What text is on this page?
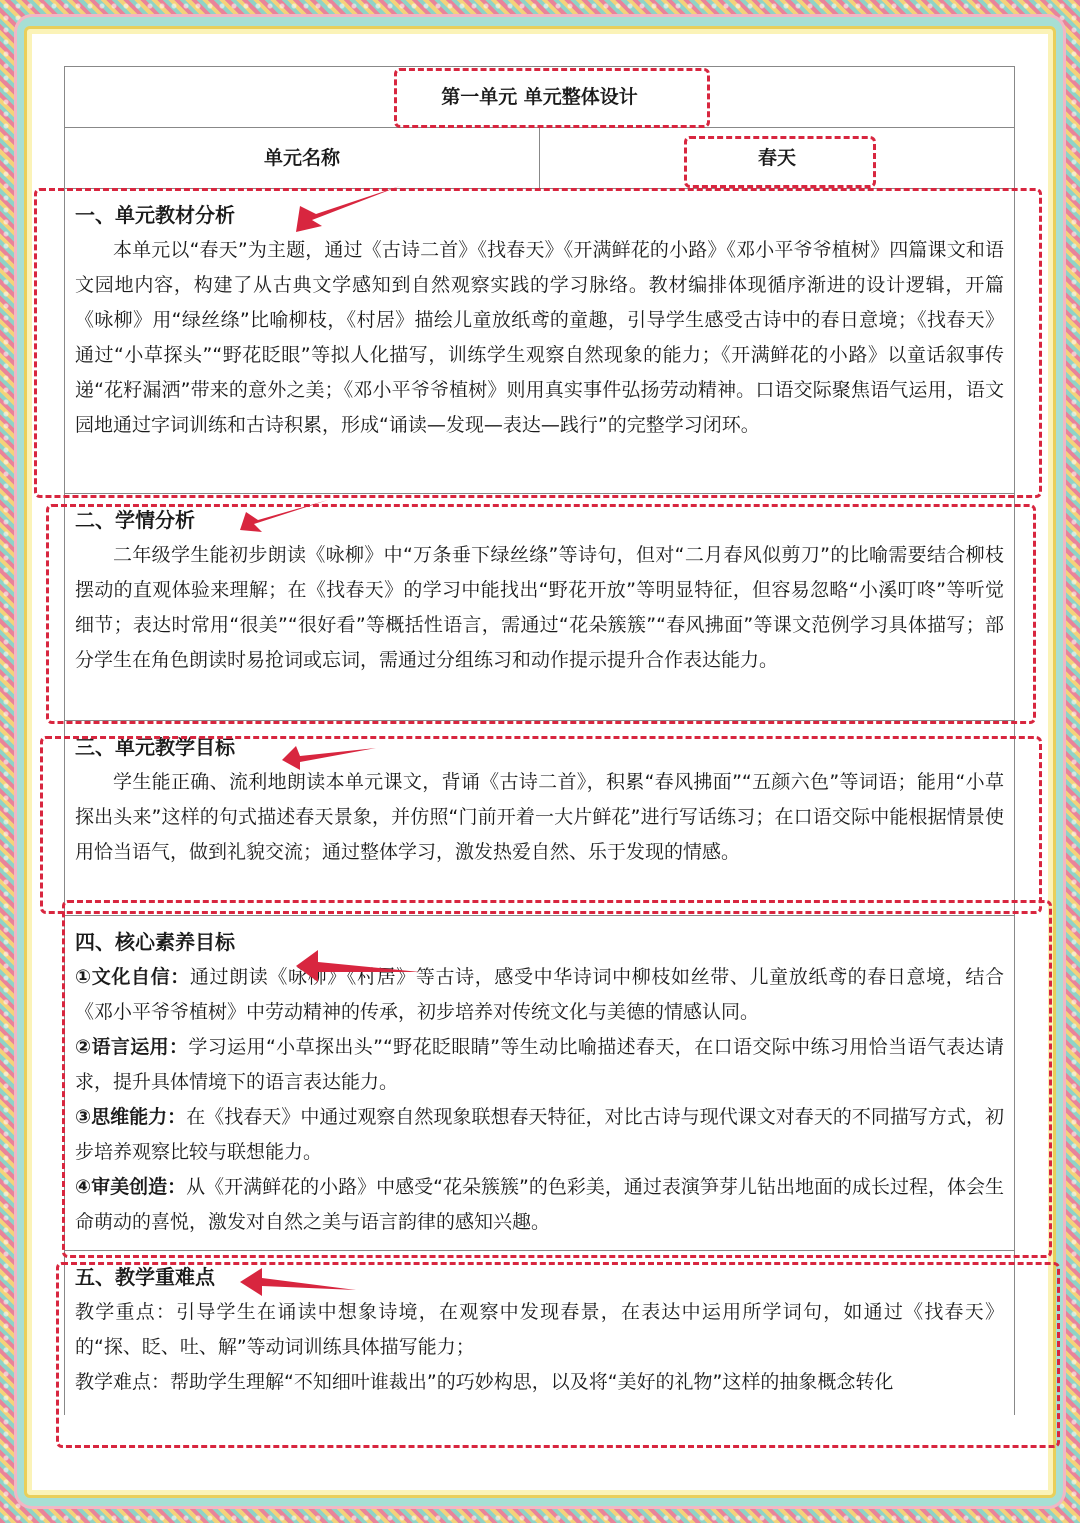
第一单元 单元整体设计
单元名称	春天

一、单元教材分析

本单元以“春天”为主题，通过《古诗二首》《找春天》《开满鲜花的小路》《邓小平爷爷植树》四篇课文和语文园地内容，构建了从古典文学感知到自然观察实践的学习脉络。教材编排体现循序渐进的设计逻辑，开篇《咏柳》用“绿丝绦”比喻柳枝，《村居》描绘儿童放纸鸢的童趣，引导学生感受古诗中的春日意境；《找春天》通过“小草探头”“野花眨眼”等拟人化描写，训练学生观察自然现象的能力；《开满鲜花的小路》以童话叙事传递“花籽漏洒”带来的意外之美；《邓小平爷爷植树》则用真实事件弘扬劳动精神。口语交际聚焦语气运用，语文园地通过字词训练和古诗积累，形成“诵读—发现—表达—践行”的完整学习闭环。

二、学情分析

二年级学生能初步朗读《咏柳》中“万条垂下绿丝绦”等诗句，但对“二月春风似剪刀”的比喻需要结合柳枝摆动的直观体验来理解；在《找春天》的学习中能找出“野花开放”等明显特征，但容易忽略“小溪叮咚”等听觉细节；表达时常用“很美”“很好看”等概括性语言，需通过“花朵簇簇”“春风拂面”等课文范例学习具体描写；部分学生在角色朗读时易抢词或忘词，需通过分组练习和动作提示提升合作表达能力。

三、单元教学目标

学生能正确、流利地朗读本单元课文，背诵《古诗二首》，积累“春风拂面”“五颜六色”等词语；能用“小草探出头来”这样的句式描述春天景象，并仿照“门前开着一大片鲜花”进行写话练习；在口语交际中能根据情景使用恰当语气，做到礼貌交流；通过整体学习，激发热爱自然、乐于发现的情感。

四、核心素养目标

①文化自信：通过朗读《咏柳》《村居》等古诗，感受中华诗词中柳枝如丝带、儿童放纸鸢的春日意境，结合《邓小平爷爷植树》中劳动精神的传承，初步培养对传统文化与美德的情感认同。

②语言运用：学习运用“小草探出头”“野花眨眼睛”等生动比喻描述春天，在口语交际中练习用恰当语气表达请求，提升具体情境下的语言表达能力。

③思维能力：在《找春天》中通过观察自然现象联想春天特征，对比古诗与现代课文对春天的不同描写方式，初步培养观察比较与联想能力。

④审美创造：从《开满鲜花的小路》中感受“花朵簇簇”的色彩美，通过表演笋芽儿钻出地面的成长过程，体会生命萌动的喜悦，激发对自然之美与语言韵律的感知兴趣。

五、教学重难点

教学重点：引导学生在诵读中想象诗境，在观察中发现春景，在表达中运用所学词句，如通过《找春天》的“探、眨、吐、解”等动词训练具体描写能力；

教学难点：帮助学生理解“不知细叶谁裁出”的巧妙构思，以及将“美好的礼物”这样的抽象概念转化
